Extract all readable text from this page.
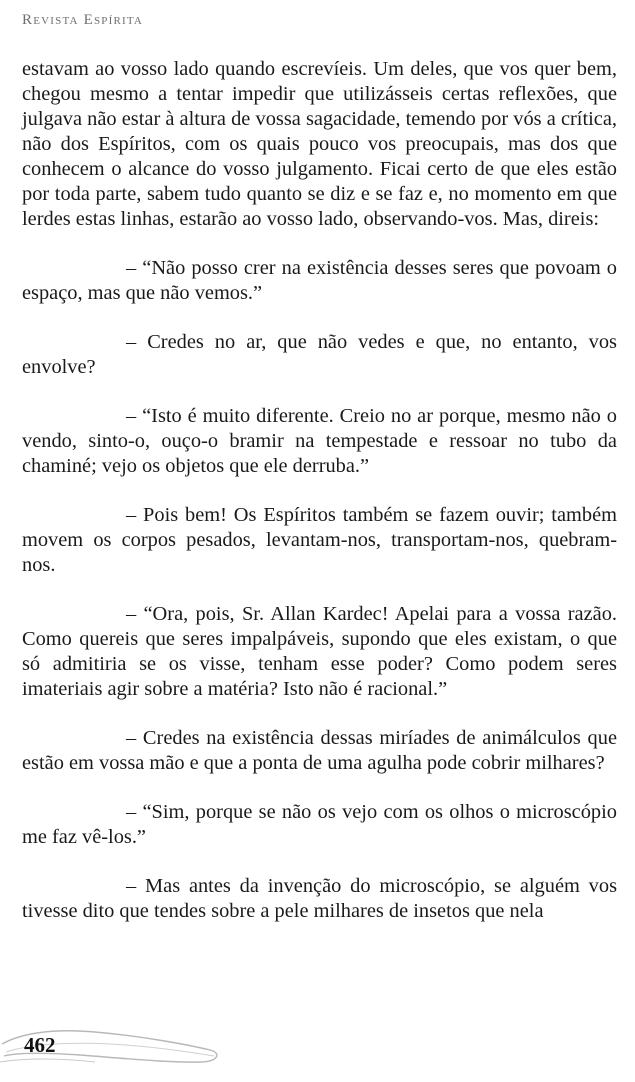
Revista Espírita

estavam ao vosso lado quando escrevíeis. Um deles, que vos quer bem, chegou mesmo a tentar impedir que utilizásseis certas reflexões, que julgava não estar à altura de vossa sagacidade, temendo por vós a crítica, não dos Espíritos, com os quais pouco vos preocupais, mas dos que conhecem o alcance do vosso julgamento. Ficai certo de que eles estão por toda parte, sabem tudo quanto se diz e se faz e, no momento em que lerdes estas linhas, estarão ao vosso lado, observando-vos. Mas, direis:

– “Não posso crer na existência desses seres que povoam o espaço, mas que não vemos.”

– Credes no ar, que não vedes e que, no entanto, vos envolve?

– “Isto é muito diferente. Creio no ar porque, mesmo não o vendo, sinto-o, ouço-o bramir na tempestade e ressoar no tubo da chaminé; vejo os objetos que ele derruba.”

– Pois bem! Os Espíritos também se fazem ouvir; também movem os corpos pesados, levantam-nos, transportam-nos, quebram-nos.

– “Ora, pois, Sr. Allan Kardec! Apelai para a vossa razão. Como quereis que seres impalpáveis, supondo que eles existam, o que só admitiria se os visse, tenham esse poder? Como podem seres imateriais agir sobre a matéria? Isto não é racional.”

– Credes na existência dessas miríades de animálculos que estão em vossa mão e que a ponta de uma agulha pode cobrir milhares?

– “Sim, porque se não os vejo com os olhos o microscópio me faz vê-los.”

– Mas antes da invenção do microscópio, se alguém vos tivesse dito que tendes sobre a pele milhares de insetos que nela

462
